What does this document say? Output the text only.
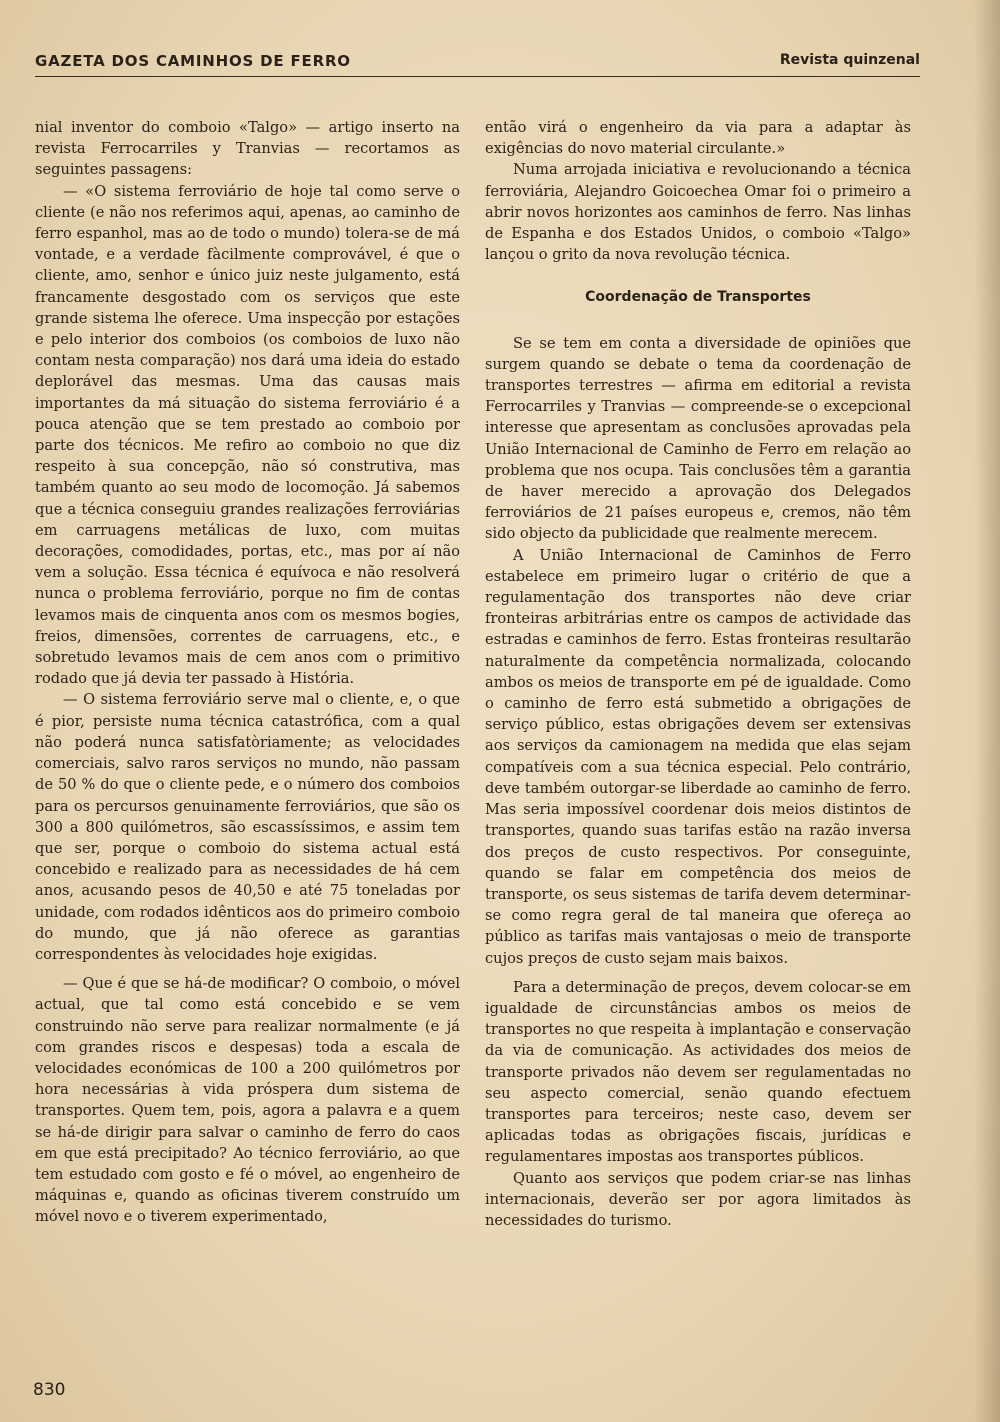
GAZETA DOS CAMINHOS DE FERRO	Revista quinzenal

nial inventor do comboio «Talgo» — artigo inserto na revista Ferrocarriles y Tranvias — recortamos as seguintes passagens:

— «O sistema ferroviário de hoje tal como serve o cliente (e não nos referimos aqui, apenas, ao caminho de ferro espanhol, mas ao de todo o mundo) tolera-se de má vontade, e a verdade fàcilmente comprovável, é que o cliente, amo, senhor e único juiz neste julgamento, está francamente desgostado com os serviços que este grande sistema lhe oferece. Uma inspecção por estações e pelo interior dos comboios (os comboios de luxo não contam nesta comparação) nos dará uma ideia do estado deplorável das mesmas. Uma das causas mais importantes da má situação do sistema ferroviário é a pouca atenção que se tem prestado ao comboio por parte dos técnicos. Me refiro ao comboio no que diz respeito à sua concepção, não só construtiva, mas também quanto ao seu modo de locomoção. Já sabemos que a técnica conseguiu grandes realizações ferroviárias em carruagens metálicas de luxo, com muitas decorações, comodidades, portas, etc., mas por aí não vem a solução. Essa técnica é equívoca e não resolverá nunca o problema ferroviário, porque no fim de contas levamos mais de cinquenta anos com os mesmos bogies, freios, dimensões, correntes de carruagens, etc., e sobretudo levamos mais de cem anos com o primitivo rodado que já devia ter passado à História.

— O sistema ferroviário serve mal o cliente, e, o que é pior, persiste numa técnica catastrófica, com a qual não poderá nunca satisfatòriamente; as velocidades comerciais, salvo raros serviços no mundo, não passam de 50 % do que o cliente pede, e o número dos comboios para os percursos genuinamente ferroviários, que são os 300 a 800 quilómetros, são escassíssimos, e assim tem que ser, porque o comboio do sistema actual está concebido e realizado para as necessidades de há cem anos, acusando pesos de 40,50 e até 75 toneladas por unidade, com rodados idênticos aos do primeiro comboio do mundo, que já não oferece as garantias correspondentes às velocidades hoje exigidas.

— Que é que se há-de modificar? O comboio, o móvel actual, que tal como está concebido e se vem construindo não serve para realizar normalmente (e já com grandes riscos e despesas) toda a escala de velocidades económicas de 100 a 200 quilómetros por hora necessárias à vida próspera dum sistema de transportes. Quem tem, pois, agora a palavra e a quem se há-de dirigir para salvar o caminho de ferro do caos em que está precipitado? Ao técnico ferroviário, ao que tem estudado com gosto e fé o móvel, ao engenheiro de máquinas e, quando as oficinas tiverem construído um móvel novo e o tiverem experimentado,

então virá o engenheiro da via para a adaptar às exigências do novo material circulante.»

Numa arrojada iniciativa e revolucionando a técnica ferroviária, Alejandro Goicoechea Omar foi o primeiro a abrir novos horizontes aos caminhos de ferro. Nas linhas de Espanha e dos Estados Unidos, o comboio «Talgo» lançou o grito da nova revolução técnica.

Coordenação de Transportes

Se se tem em conta a diversidade de opiniões que surgem quando se debate o tema da coordenação de transportes terrestres — afirma em editorial a revista Ferrocarriles y Tranvias — compreende-se o excepcional interesse que apresentam as conclusões aprovadas pela União Internacional de Caminho de Ferro em relação ao problema que nos ocupa. Tais conclusões têm a garantia de haver merecido a aprovação dos Delegados ferroviários de 21 países europeus e, cremos, não têm sido objecto da publicidade que realmente merecem.

A União Internacional de Caminhos de Ferro estabelece em primeiro lugar o critério de que a regulamentação dos transportes não deve criar fronteiras arbitrárias entre os campos de actividade das estradas e caminhos de ferro. Estas fronteiras resultarão naturalmente da competência normalizada, colocando ambos os meios de transporte em pé de igualdade. Como o caminho de ferro está submetido a obrigações de serviço público, estas obrigações devem ser extensivas aos serviços da camionagem na medida que elas sejam compatíveis com a sua técnica especial. Pelo contrário, deve também outorgar-se liberdade ao caminho de ferro. Mas seria impossível coordenar dois meios distintos de transportes, quando suas tarifas estão na razão inversa dos preços de custo respectivos. Por conseguinte, quando se falar em competência dos meios de transporte, os seus sistemas de tarifa devem determinar-se como regra geral de tal maneira que ofereça ao público as tarifas mais vantajosas o meio de transporte cujos preços de custo sejam mais baixos.

Para a determinação de preços, devem colocar-se em igualdade de circunstâncias ambos os meios de transportes no que respeita à implantação e conservação da via de comunicação. As actividades dos meios de transporte privados não devem ser regulamentadas no seu aspecto comercial, senão quando efectuem transportes para terceiros; neste caso, devem ser aplicadas todas as obrigações fiscais, jurídicas e regulamentares impostas aos transportes públicos.

Quanto aos serviços que podem criar-se nas linhas internacionais, deverão ser por agora limitados às necessidades do turismo.

830
